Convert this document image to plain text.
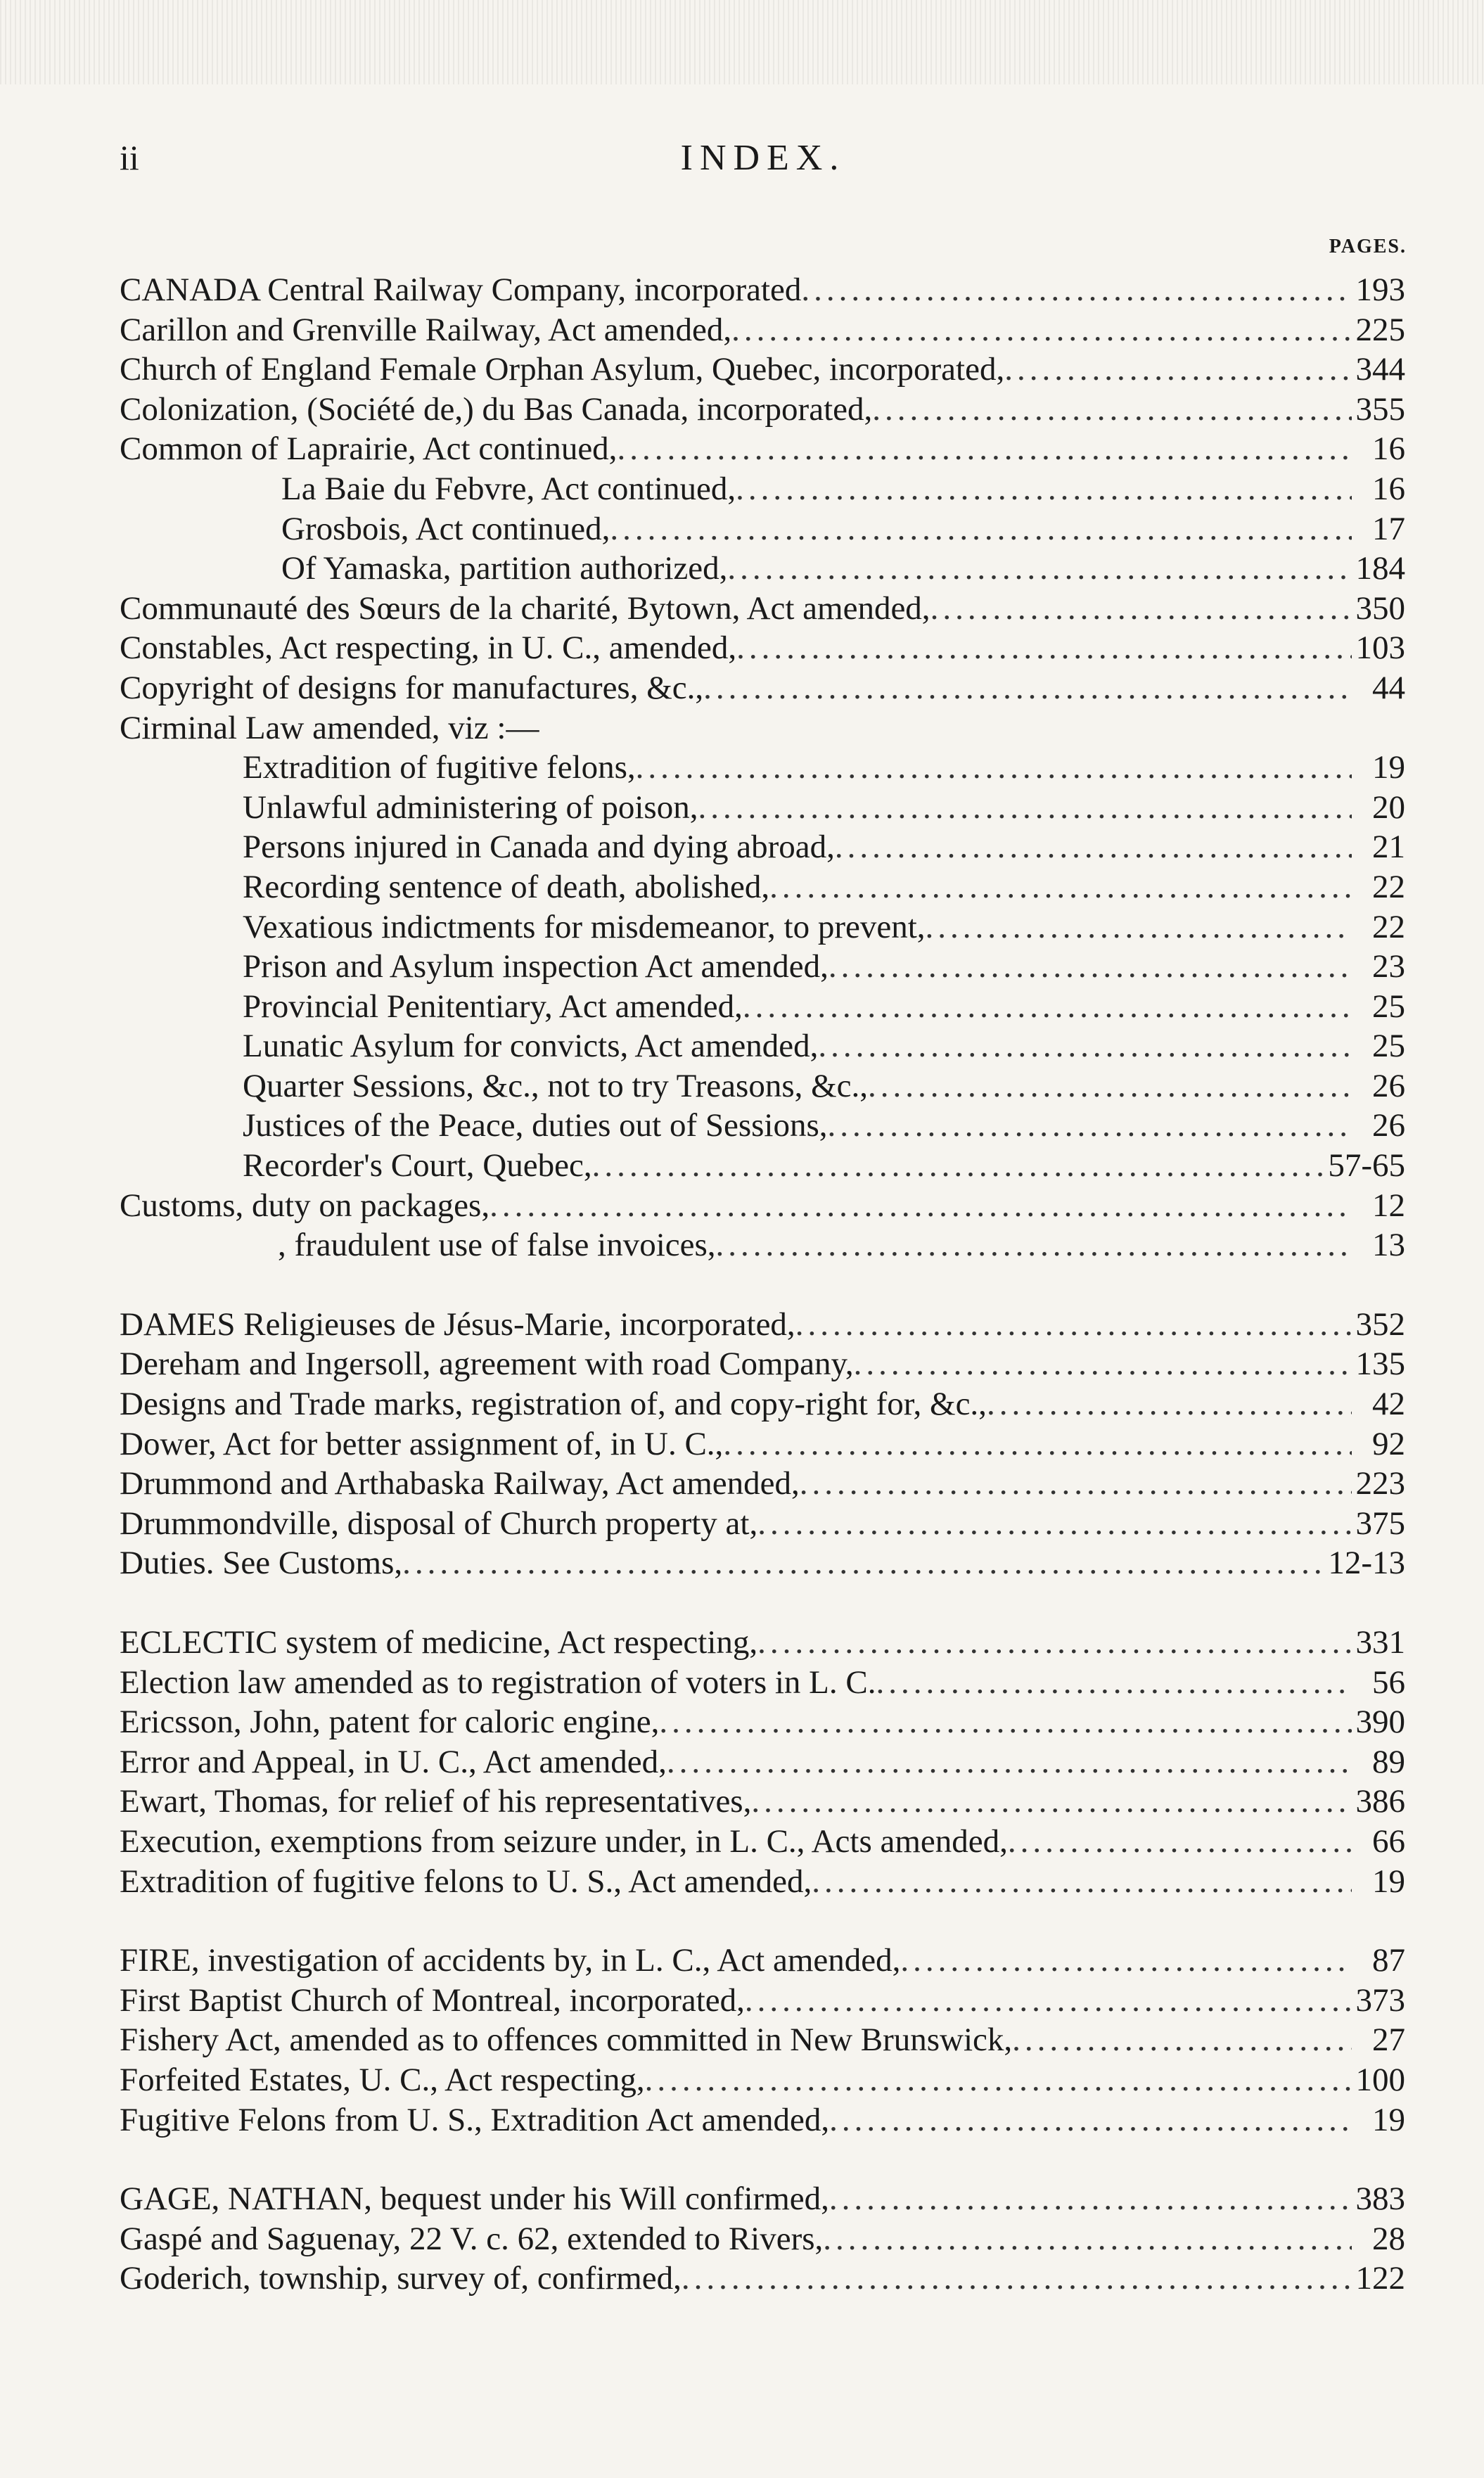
ii	INDEX.
PAGES.
CANADA Central Railway Company, incorporated .....	193
Carillon and Grenville Railway, Act amended, .....	225
Church of England Female Orphan Asylum, Quebec, incorporated, .....	344
Colonization, (Société de,) du Bas Canada, incorporated, .....	355
Common of Laprairie, Act continued, .....	16
La Baie du Febvre, Act continued, .....	16
Grosbois, Act continued, .....	17
Of Yamaska, partition authorized, .....	184
Communauté des Sœurs de la charité, Bytown, Act amended, .....	350
Constables, Act respecting, in U. C., amended, .....	103
Copyright of designs for manufactures, &c., .....	44
Cirminal Law amended, viz :—
Extradition of fugitive felons, .....	19
Unlawful administering of poison, .....	20
Persons injured in Canada and dying abroad, .....	21
Recording sentence of death, abolished, .....	22
Vexatious indictments for misdemeanor, to prevent, .....	22
Prison and Asylum inspection Act amended, .....	23
Provincial Penitentiary, Act amended, .....	25
Lunatic Asylum for convicts, Act amended, .....	25
Quarter Sessions, &c., not to try Treasons, &c., .....	26
Justices of the Peace, duties out of Sessions, .....	26
Recorder's Court, Quebec, .....	57-65
Customs, duty on packages, .....	12
, fraudulent use of false invoices, .....	13
DAMES Religieuses de Jésus-Marie, incorporated, .....	352
Dereham and Ingersoll, agreement with road Company, .....	135
Designs and Trade marks, registration of, and copy-right for, &c., .....	42
Dower, Act for better assignment of, in U. C., .....	92
Drummond and Arthabaska Railway, Act amended, .....	223
Drummondville, disposal of Church property at, .....	375
Duties. See Customs, .....	12-13
ECLECTIC system of medicine, Act respecting, .....	331
Election law amended as to registration of voters in L. C. .....	56
Ericsson, John, patent for caloric engine, .....	390
Error and Appeal, in U. C., Act amended, .....	89
Ewart, Thomas, for relief of his representatives, .....	386
Execution, exemptions from seizure under, in L. C., Acts amended, .....	66
Extradition of fugitive felons to U. S., Act amended, .....	19
FIRE, investigation of accidents by, in L. C., Act amended, .....	87
First Baptist Church of Montreal, incorporated, .....	373
Fishery Act, amended as to offences committed in New Brunswick, .....	27
Forfeited Estates, U. C., Act respecting, .....	100
Fugitive Felons from U. S., Extradition Act amended, .....	19
GAGE, NATHAN, bequest under his Will confirmed, .....	383
Gaspé and Saguenay, 22 V. c. 62, extended to Rivers, .....	28
Goderich, township, survey of, confirmed, .....	122
